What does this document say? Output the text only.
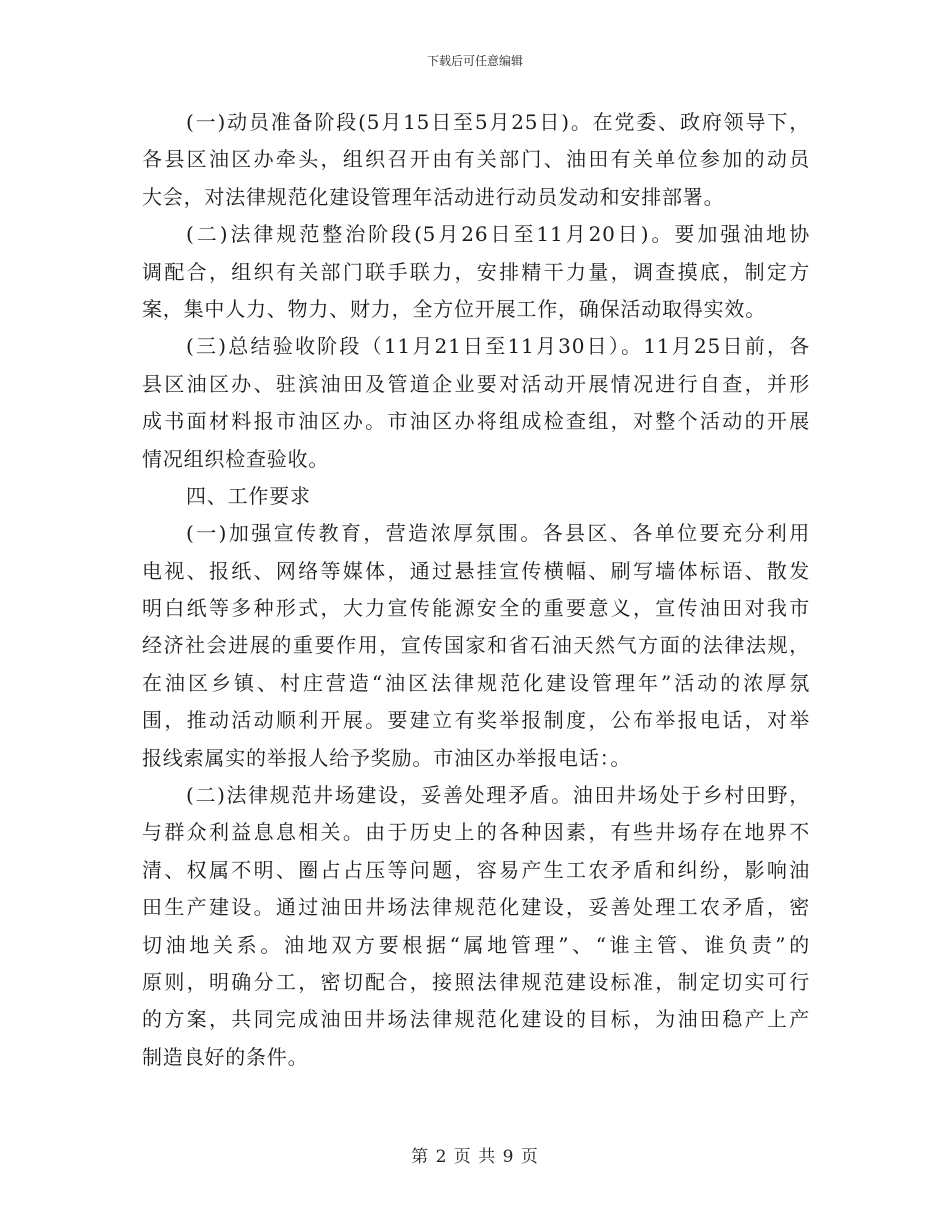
下载后可任意编辑
(一)动员准备阶段(5月15日至5月25日)。在党委、政府领导下，
各县区油区办牵头，组织召开由有关部门、油田有关单位参加的动员
大会，对法律规范化建设管理年活动进行动员发动和安排部署。
(二)法律规范整治阶段(5月26日至11月20日)。要加强油地协
调配合，组织有关部门联手联力，安排精干力量，调查摸底，制定方
案，集中人力、物力、财力，全方位开展工作，确保活动取得实效。
(三)总结验收阶段（11月21日至11月30日）。11月25日前，各
县区油区办、驻滨油田及管道企业要对活动开展情况进行自查，并形
成书面材料报市油区办。市油区办将组成检查组，对整个活动的开展
情况组织检查验收。
四、工作要求
(一)加强宣传教育，营造浓厚氛围。各县区、各单位要充分利用
电视、报纸、网络等媒体，通过悬挂宣传横幅、刷写墙体标语、散发
明白纸等多种形式，大力宣传能源安全的重要意义，宣传油田对我市
经济社会进展的重要作用，宣传国家和省石油天然气方面的法律法规，
在油区乡镇、村庄营造“油区法律规范化建设管理年”活动的浓厚氛
围，推动活动顺利开展。要建立有奖举报制度，公布举报电话，对举
报线索属实的举报人给予奖励。市油区办举报电话：。
(二)法律规范井场建设，妥善处理矛盾。油田井场处于乡村田野，
与群众利益息息相关。由于历史上的各种因素，有些井场存在地界不
清、权属不明、圈占占压等问题，容易产生工农矛盾和纠纷，影响油
田生产建设。通过油田井场法律规范化建设，妥善处理工农矛盾，密
切油地关系。油地双方要根据“属地管理”、“谁主管、谁负责”的
原则，明确分工，密切配合，接照法律规范建设标准，制定切实可行
的方案，共同完成油田井场法律规范化建设的目标，为油田稳产上产
制造良好的条件。
第 2 页 共 9 页
